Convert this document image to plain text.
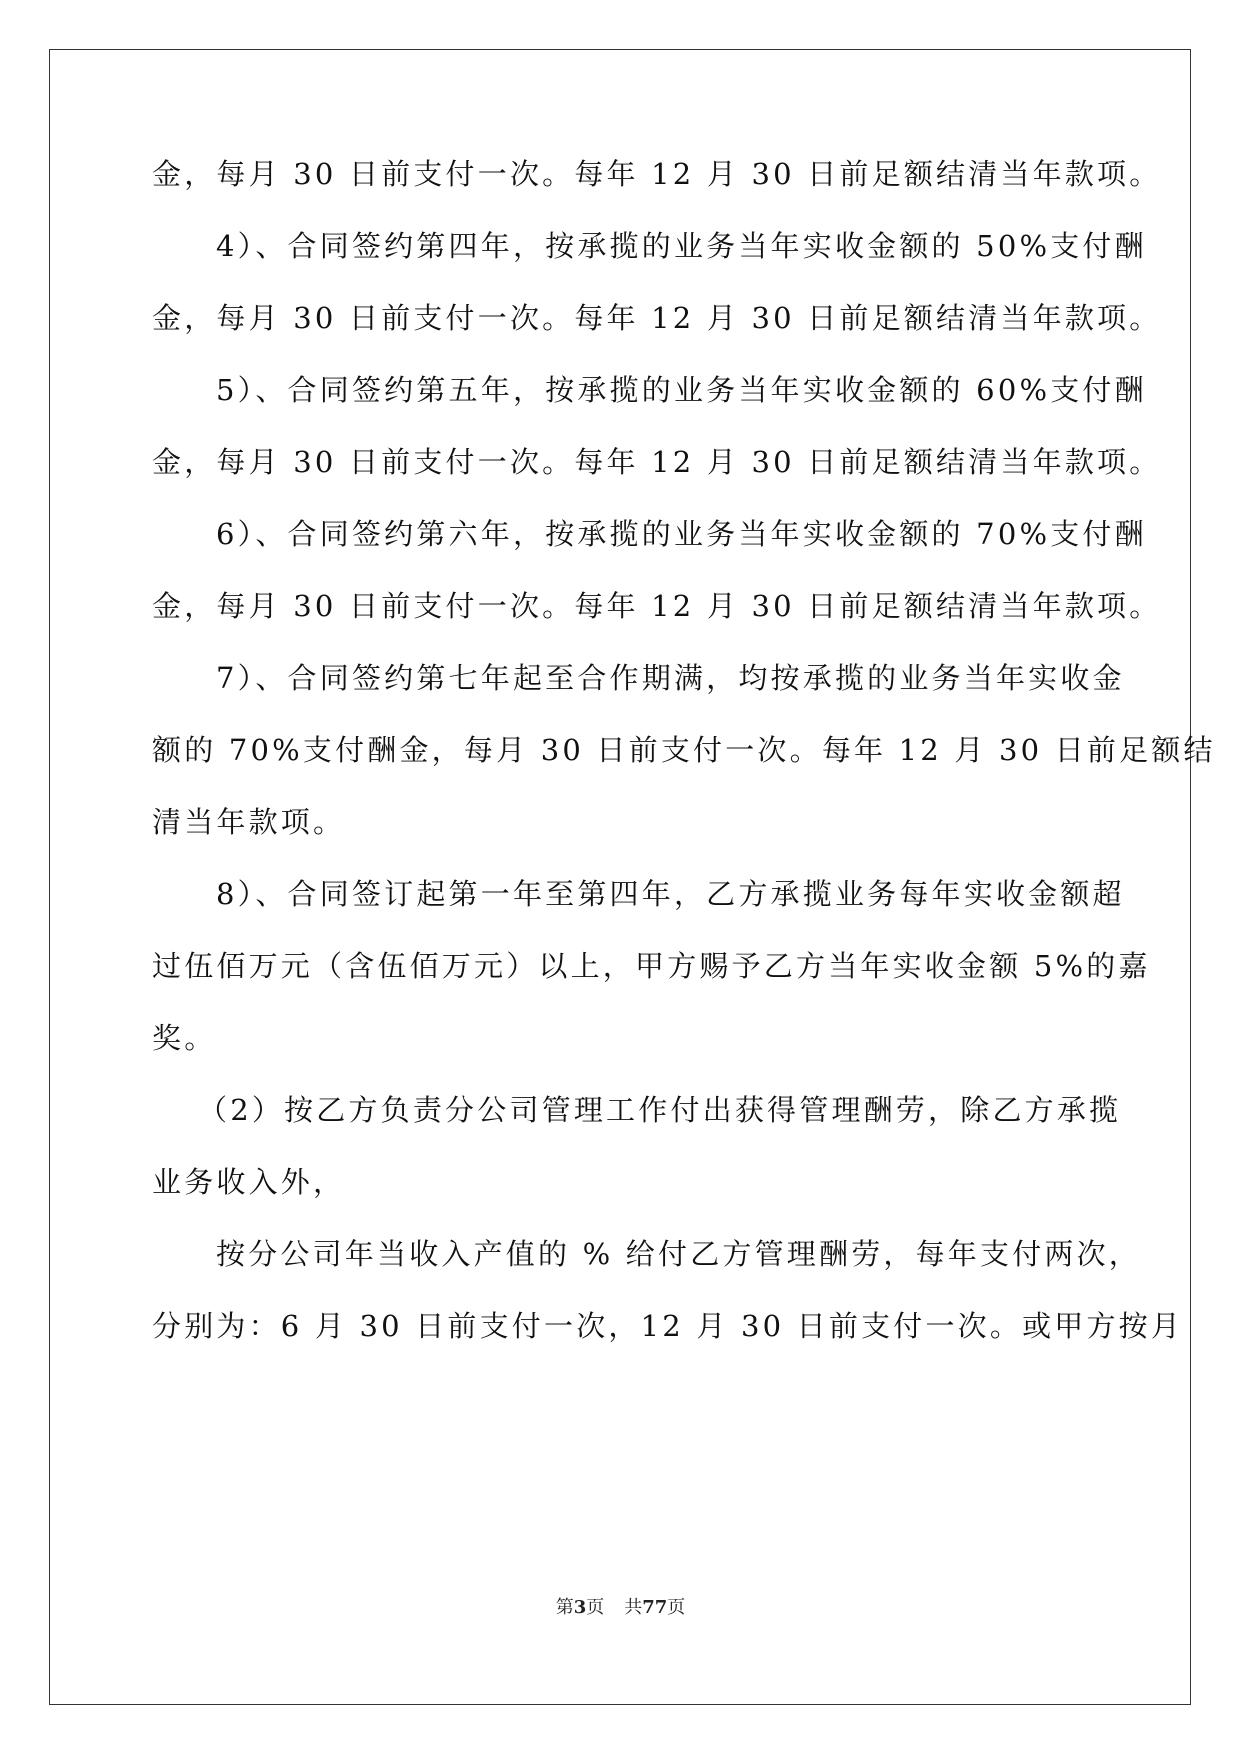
金，每月 30 日前支付一次。每年 12 月 30 日前足额结清当年款项。
4）、合同签约第四年，按承揽的业务当年实收金额的 50%支付酬
金，每月 30 日前支付一次。每年 12 月 30 日前足额结清当年款项。
5）、合同签约第五年，按承揽的业务当年实收金额的 60%支付酬
金，每月 30 日前支付一次。每年 12 月 30 日前足额结清当年款项。
6）、合同签约第六年，按承揽的业务当年实收金额的 70%支付酬
金，每月 30 日前支付一次。每年 12 月 30 日前足额结清当年款项。
7）、合同签约第七年起至合作期满，均按承揽的业务当年实收金
额的 70%支付酬金，每月 30 日前支付一次。每年 12 月 30 日前足额结
清当年款项。
8）、合同签订起第一年至第四年，乙方承揽业务每年实收金额超
过伍佰万元（含伍佰万元）以上，甲方赐予乙方当年实收金额 5%的嘉
奖。
（2）按乙方负责分公司管理工作付出获得管理酬劳，除乙方承揽
业务收入外，
按分公司年当收入产值的 % 给付乙方管理酬劳，每年支付两次，
分别为：6 月 30 日前支付一次，12 月 30 日前支付一次。或甲方按月
第3页 共77页
